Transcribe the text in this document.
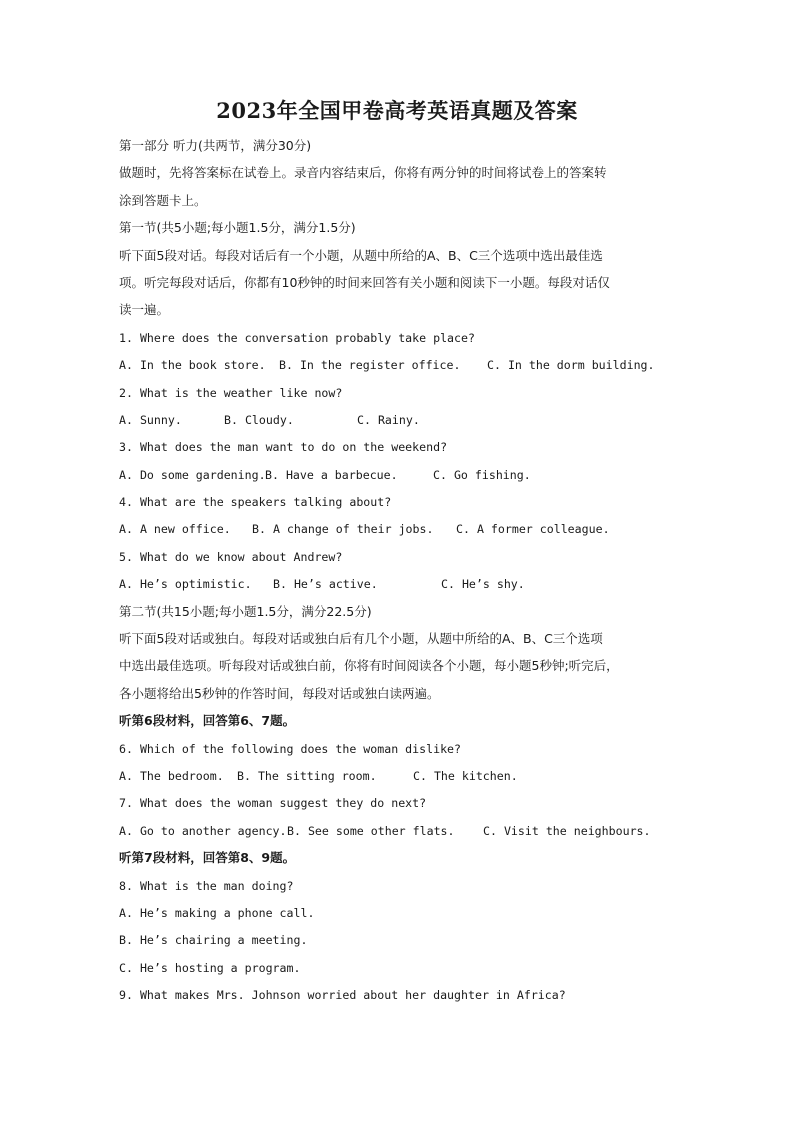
2023年全国甲卷高考英语真题及答案
第一部分 听力(共两节，满分30分)
做题时，先将答案标在试卷上。录音内容结束后，你将有两分钟的时间将试卷上的答案转
涂到答题卡上。
第一节(共5小题;每小题1.5分，满分1.5分)
听下面5段对话。每段对话后有一个小题，从题中所给的A、B、C三个选项中选出最佳选
项。听完每段对话后，你都有10秒钟的时间来回答有关小题和阅读下一小题。每段对话仅
读一遍。
1. Where does the conversation probably take place?
A. In the book store. B. In the register office. C. In the dorm building.
2. What is the weather like now?
A. Sunny.	B. Cloudy.	C. Rainy.
3. What does the man want to do on the weekend?
A. Do some gardening.B. Have a barbecue.	C. Go fishing.
4. What are the speakers talking about?
A. A new office. B. A change of their jobs. C. A former colleague.
5. What do we know about Andrew?
A. He’s optimistic. B. He’s active.	C. He’s shy.
第二节(共15小题;每小题1.5分，满分22.5分)
听下面5段对话或独白。每段对话或独白后有几个小题，从题中所给的A、B、C三个选项
中选出最佳选项。听每段对话或独白前，你将有时间阅读各个小题，每小题5秒钟;听完后，
各小题将给出5秒钟的作答时间，每段对话或独白读两遍。
听第6段材料，回答第6、7题。
6. Which of the following does the woman dislike?
A. The bedroom. B. The sitting room.	C. The kitchen.
7. What does the woman suggest they do next?
A. Go to another agency.B. See some other flats. C. Visit the neighbours.
听第7段材料，回答第8、9题。
8. What is the man doing?
A. He’s making a phone call.
B. He’s chairing a meeting.
C. He’s hosting a program.
9. What makes Mrs. Johnson worried about her daughter in Africa?
